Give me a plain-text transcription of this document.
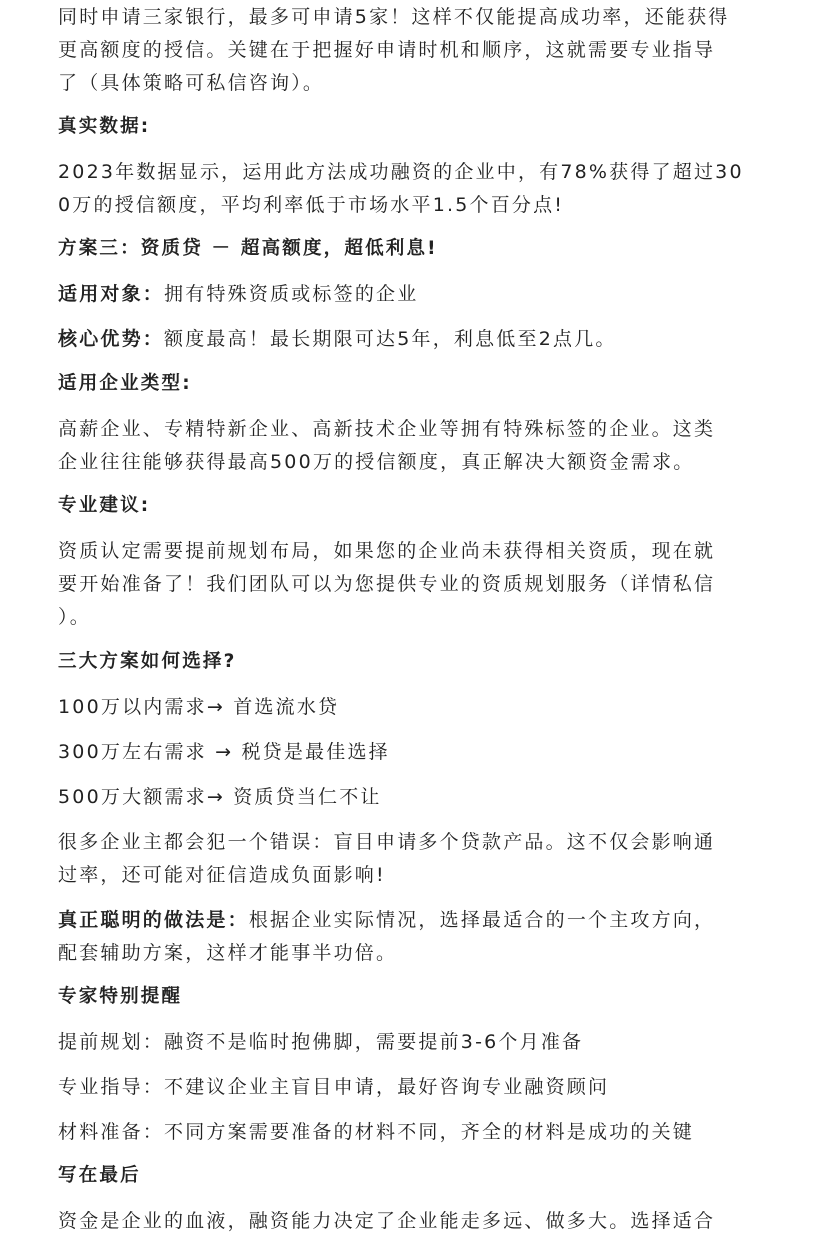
同时申请三家银行，最多可申请5家！这样不仅能提高成功率，还能获得
更高额度的授信。关键在于把握好申请时机和顺序，这就需要专业指导
了（具体策略可私信咨询）。
真实数据:
2023年数据显示，运用此方法成功融资的企业中，有78%获得了超过30
0万的授信额度，平均利率低于市场水平1.5个百分点!
方案三：资质贷 － 超高额度，超低利息!
适用对象：拥有特殊资质或标签的企业
核心优势：额度最高！最长期限可达5年，利息低至2点几。
适用企业类型:
高薪企业、专精特新企业、高新技术企业等拥有特殊标签的企业。这类
企业往往能够获得最高500万的授信额度，真正解决大额资金需求。
专业建议:
资质认定需要提前规划布局，如果您的企业尚未获得相关资质，现在就
要开始准备了！我们团队可以为您提供专业的资质规划服务（详情私信
）。
三大方案如何选择?
100万以内需求→ 首选流水贷
300万左右需求 → 税贷是最佳选择
500万大额需求→ 资质贷当仁不让
很多企业主都会犯一个错误：盲目申请多个贷款产品。这不仅会影响通
过率，还可能对征信造成负面影响!
真正聪明的做法是：根据企业实际情况，选择最适合的一个主攻方向，
配套辅助方案，这样才能事半功倍。
专家特别提醒
提前规划：融资不是临时抱佛脚，需要提前3-6个月准备
专业指导：不建议企业主盲目申请，最好咨询专业融资顾问
材料准备：不同方案需要准备的材料不同，齐全的材料是成功的关键
写在最后
资金是企业的血液，融资能力决定了企业能走多远、做多大。选择适合
